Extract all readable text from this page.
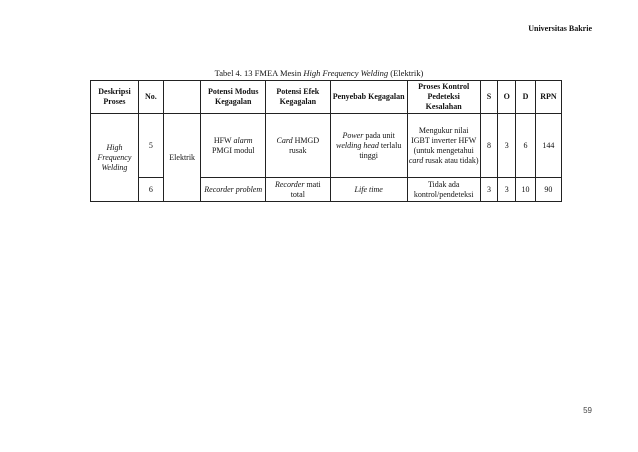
Universitas Bakrie
Tabel 4. 13 FMEA Mesin High Frequency Welding (Elektrik)
Deskripsi Proses	No.		Potensi Modus Kegagalan	Potensi Efek Kegagalan	Penyebab Kegagalan	Proses Kontrol Pedeteksi Kesalahan	S	O	D	RPN
High Frequency Welding	5	Elektrik	HFW alarm PMGI modul	Card HMGD rusak	Power pada unit welding head terlalu tinggi	Mengukur nilai IGBT inverter HFW (untuk mengetahui card rusak atau tidak)	8	3	6	144
	6		Recorder problem	Recorder mati total	Life time	Tidak ada kontrol/pendeteksi	3	3	10	90
59
